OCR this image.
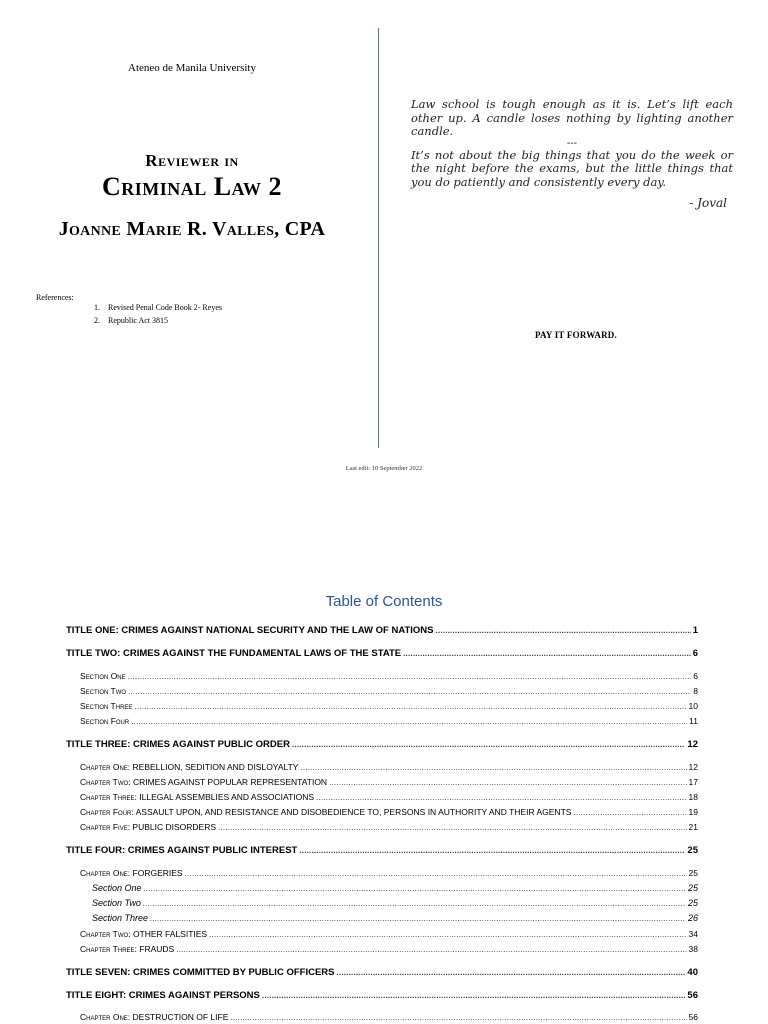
Ateneo de Manila University
Reviewer in
Criminal Law 2
Joanne Marie R. Valles, CPA
References:
1. Revised Penal Code Book 2- Reyes
2. Republic Act 3815

Law school is tough enough as it is. Let’s lift each other up. A candle loses nothing by lighting another candle.

---

It’s not about the big things that you do the week or the night before the exams, but the little things that you do patiently and consistently every day.

- Joval

PAY IT FORWARD.
Last edit: 10 September 2022
Table of Contents
TITLE ONE: CRIMES AGAINST NATIONAL SECURITY AND THE LAW OF NATIONS .....	1
TITLE TWO: CRIMES AGAINST THE FUNDAMENTAL LAWS OF THE STATE .....	6
Section One .....	6
Section Two .....	8
Section Three .....	10
Section Four .....	11
TITLE THREE: CRIMES AGAINST PUBLIC ORDER .....	12
Chapter One: REBELLION, SEDITION AND DISLOYALTY .....	12
Chapter Two: CRIMES AGAINST POPULAR REPRESENTATION .....	17
Chapter Three: ILLEGAL ASSEMBLIES AND ASSOCIATIONS .....	18
Chapter Four: ASSAULT UPON, AND RESISTANCE AND DISOBEDIENCE TO, PERSONS IN AUTHORITY AND THEIR AGENTS .....	19
Chapter Five: PUBLIC DISORDERS .....	21
TITLE FOUR: CRIMES AGAINST PUBLIC INTEREST .....	25
Chapter One: FORGERIES .....	25
Section One .....	25
Section Two .....	25
Section Three .....	26
Chapter Two: OTHER FALSITIES .....	34
Chapter Three: FRAUDS .....	38
TITLE SEVEN: CRIMES COMMITTED BY PUBLIC OFFICERS .....	40
TITLE EIGHT: CRIMES AGAINST PERSONS .....	56
Chapter One: DESTRUCTION OF LIFE .....	56
